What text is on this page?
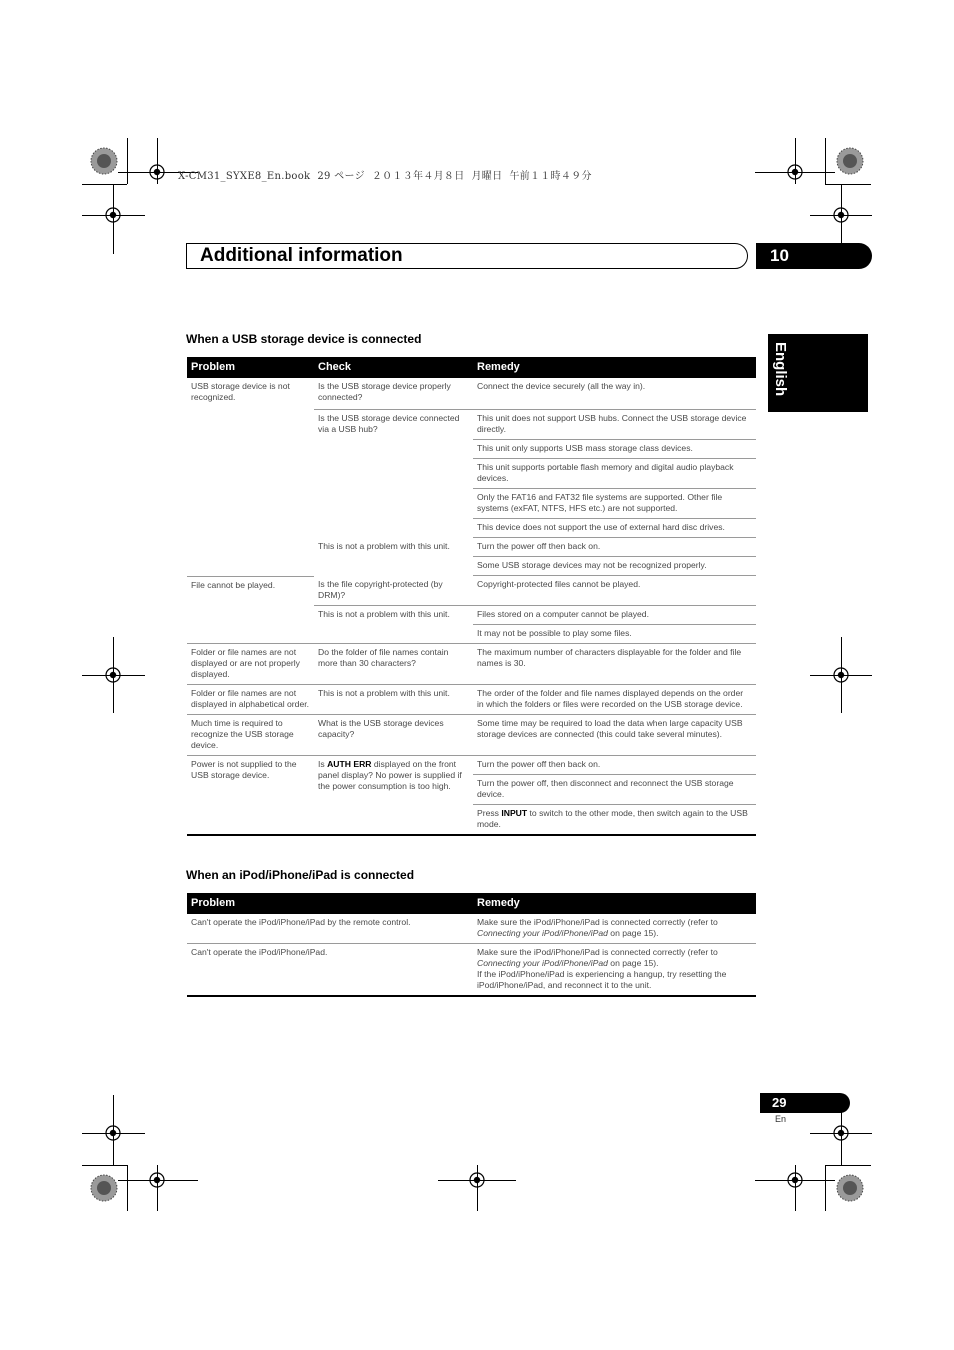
X-CM31_SYXE8_En.book  29 ページ  ２０１３年４月８日  月曜日  午前１１時４９分
Additional information	10
English
When a USB storage device is connected
Problem	Check	Remedy
USB storage device is not recognized.	Is the USB storage device properly connected?	Connect the device securely (all the way in).
	Is the USB storage device connected via a USB hub?	This unit does not support USB hubs. Connect the USB storage device directly.
		This unit only supports USB mass storage class devices.
		This unit supports portable flash memory and digital audio playback devices.
		Only the FAT16 and FAT32 file systems are supported. Other file systems (exFAT, NTFS, HFS etc.) are not supported.
		This device does not support the use of external hard disc drives.
	This is not a problem with this unit.	Turn the power off then back on.
		Some USB storage devices may not be recognized properly.

File cannot be played.	Is the file copyright-protected (by DRM)?	Copyright-protected files cannot be played.
	This is not a problem with this unit.	Files stored on a computer cannot be played.
		It may not be possible to play some files.
Folder or file names are not displayed or are not properly displayed.	Do the folder of file names contain more than 30 characters?	The maximum number of characters displayable for the folder and file names is 30.
Folder or file names are not displayed in alphabetical order.	This is not a problem with this unit.	The order of the folder and file names displayed depends on the order in which the folders or files were recorded on the USB storage device.
Much time is required to recognize the USB storage device.	What is the USB storage devices capacity?	Some time may be required to load the data when large capacity USB storage devices are connected (this could take several minutes).
Power is not supplied to the USB storage device.	Is AUTH ERR displayed on the front panel display? No power is supplied if the power consumption is too high.	Turn the power off then back on.
		Turn the power off, then disconnect and reconnect the USB storage device.
		Press INPUT to switch to the other mode, then switch again to the USB mode.
When an iPod/iPhone/iPad is connected
Problem	Remedy
Can't operate the iPod/iPhone/iPad by the remote control.	Make sure the iPod/iPhone/iPad is connected correctly (refer to Connecting your iPod/iPhone/iPad on page 15).
Can't operate the iPod/iPhone/iPad.	Make sure the iPod/iPhone/iPad is connected correctly (refer to Connecting your iPod/iPhone/iPad on page 15).
If the iPod/iPhone/iPad is experiencing a hangup, try resetting the iPod/iPhone/iPad, and reconnect it to the unit.
29
En
